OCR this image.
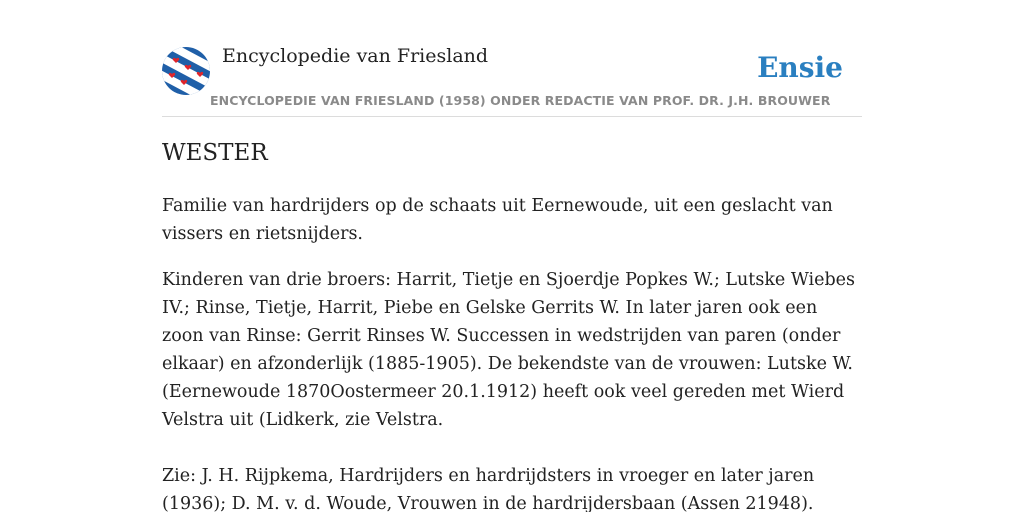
Encyclopedie van Friesland
ENCYCLOPEDIE VAN FRIESLAND (1958) ONDER REDACTIE VAN PROF. DR. J.H. BROUWER
Ensie
WESTER

Familie van hardrijders op de schaats uit Eernewoude, uit een geslacht van vissers en rietsnijders.

Kinderen van drie broers: Harrit, Tietje en Sjoerdje Popkes W.; Lutske Wiebes IV.; Rinse, Tietje, Harrit, Piebe en Gelske Gerrits W. In later jaren ook een zoon van Rinse: Gerrit Rinses W. Successen in wedstrijden van paren (onder elkaar) en afzonderlijk (1885-1905). De bekendste van de vrouwen: Lutske W. (Eernewoude 1870Oostermeer 20.1.1912) heeft ook veel gereden met Wierd Velstra uit (Lidkerk, zie Velstra.

Zie: J. H. Rijpkema, Hardrijders en hardrijdsters in vroeger en later jaren (1936); D. M. v. d. Woude, Vrouwen in de hardrijdersbaan (Assen 21948).
